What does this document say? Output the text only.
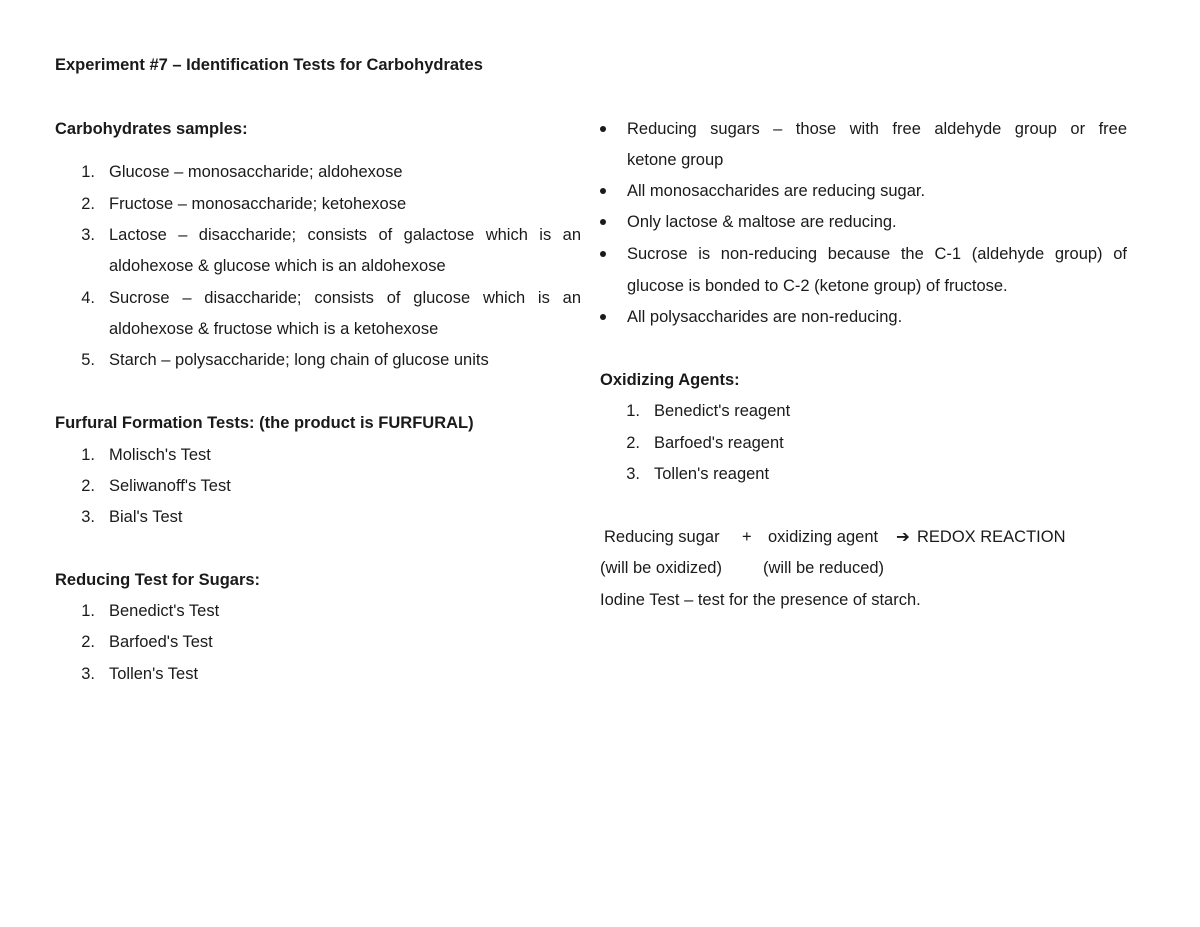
Experiment #7 – Identification Tests for Carbohydrates
Carbohydrates samples:
1. Glucose – monosaccharide; aldohexose
2. Fructose – monosaccharide; ketohexose
3. Lactose – disaccharide; consists of galactose which is an
aldohexose & glucose which is an aldohexose
4. Sucrose – disaccharide; consists of glucose which is an
aldohexose & fructose which is a ketohexose
5. Starch – polysaccharide; long chain of glucose units
Furfural Formation Tests: (the product is FURFURAL)
1. Molisch's Test
2. Seliwanoff's Test
3. Bial's Test
Reducing Test for Sugars:
1. Benedict's Test
2. Barfoed's Test
3. Tollen's Test
Reducing sugars – those with free aldehyde group or free
ketone group
All monosaccharides are reducing sugar.
Only lactose & maltose are reducing.
Sucrose is non-reducing because the C-1 (aldehyde group) of
glucose is bonded to C-2 (ketone group) of fructose.
All polysaccharides are non-reducing.
Oxidizing Agents:
1. Benedict's reagent
2. Barfoed's reagent
3. Tollen's reagent
Reducing sugar + oxidizing agent ➔ REDOX REACTION
(will be oxidized) (will be reduced)
Iodine Test – test for the presence of starch.
